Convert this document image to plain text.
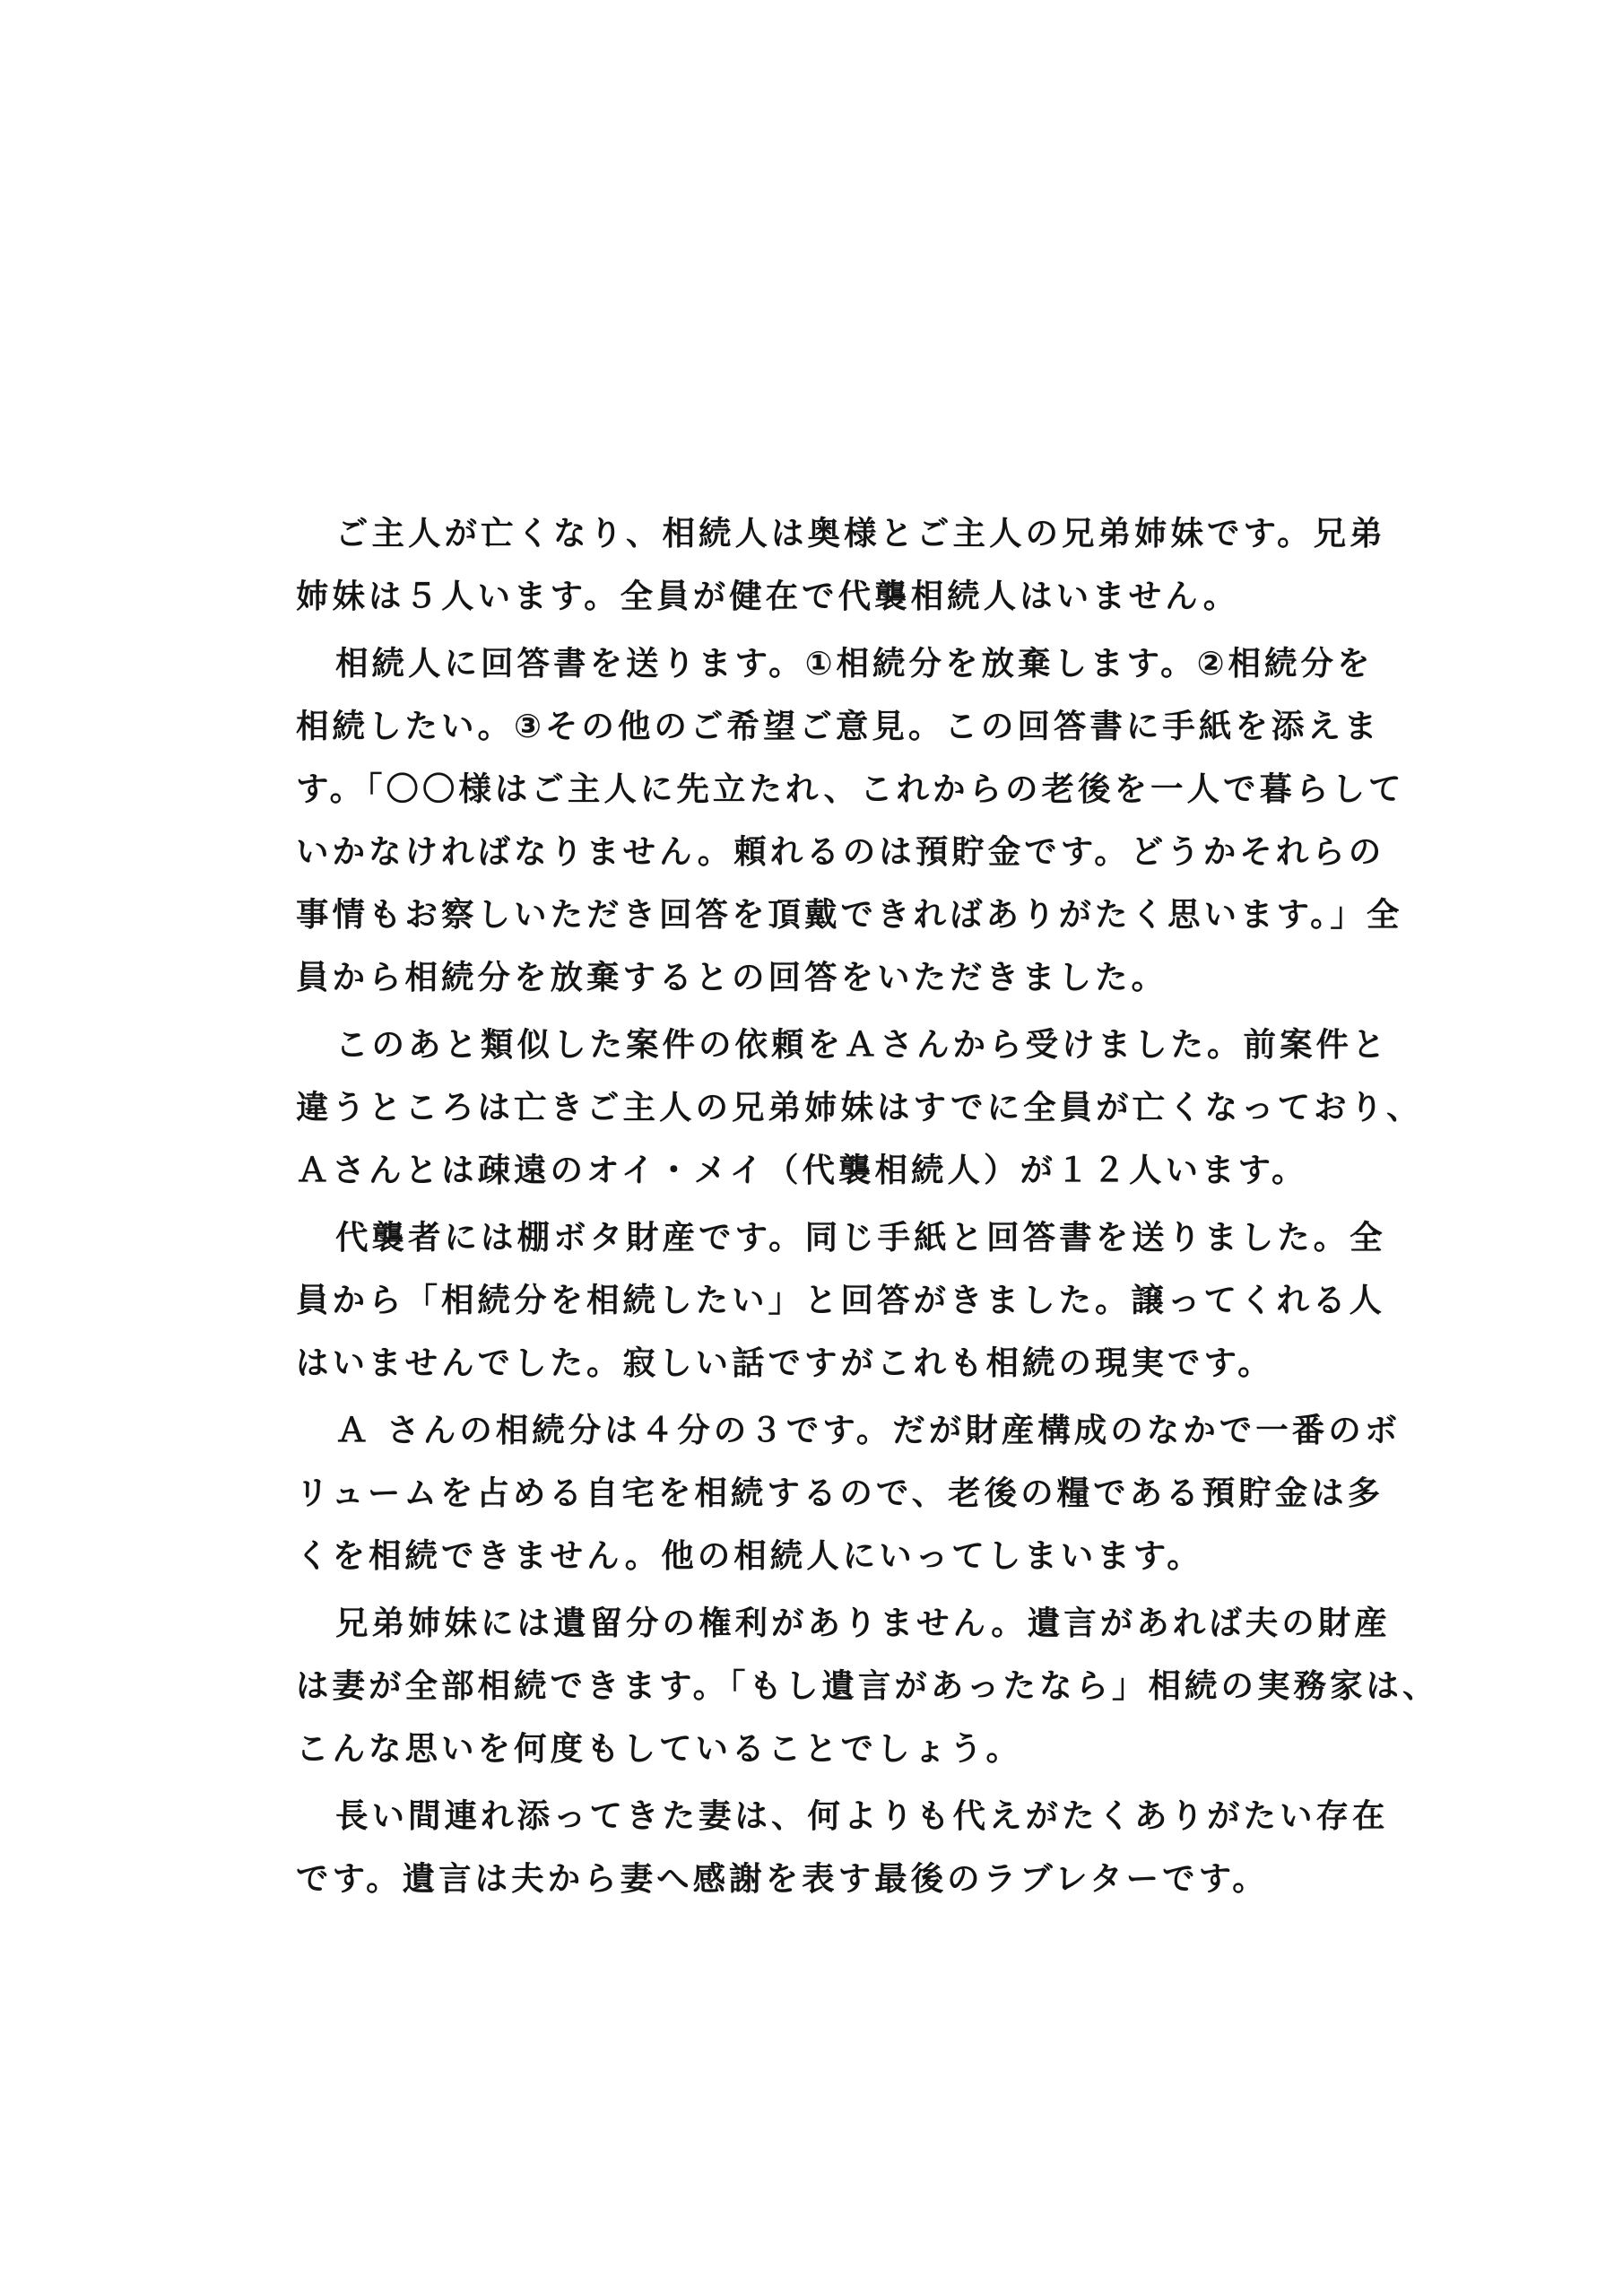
ご主人が亡くなり、相続人は奥様とご主人の兄弟姉妹です。兄弟
姉妹は５人います。全員が健在で代襲相続人はいません。
相続人に回答書を送ります。①相続分を放棄します。②相続分を
相続したい。③その他のご希望ご意見。この回答書に手紙を添えま
す。「〇〇様はご主人に先立たれ、これからの老後を一人で暮らして
いかなければなりません。頼れるのは預貯金です。どうかそれらの
事情もお察しいただき回答を頂戴できればありがたく思います。」全
員から相続分を放棄するとの回答をいただきました。
このあと類似した案件の依頼をＡさんから受けました。前案件と
違うところは亡きご主人の兄弟姉妹はすでに全員が亡くなっており、
Ａさんとは疎遠のオイ・メイ（代襲相続人）が１２人います。
代襲者には棚ボタ財産です。同じ手紙と回答書を送りました。全
員から「相続分を相続したい」と回答がきました。譲ってくれる人
はいませんでした。寂しい話ですがこれも相続の現実です。
Ａ さんの相続分は４分の３です。だが財産構成のなかで一番のボ
リュームを占める自宅を相続するので、老後の糧である預貯金は多
くを相続できません。他の相続人にいってしまいます。
兄弟姉妹には遺留分の権利がありません。遺言があれば夫の財産
は妻が全部相続できます。「もし遺言があったなら」相続の実務家は、
こんな思いを何度もしていることでしょう。
長い間連れ添ってきた妻は、何よりも代えがたくありがたい存在
です。遺言は夫から妻へ感謝を表す最後のラブレターです。
